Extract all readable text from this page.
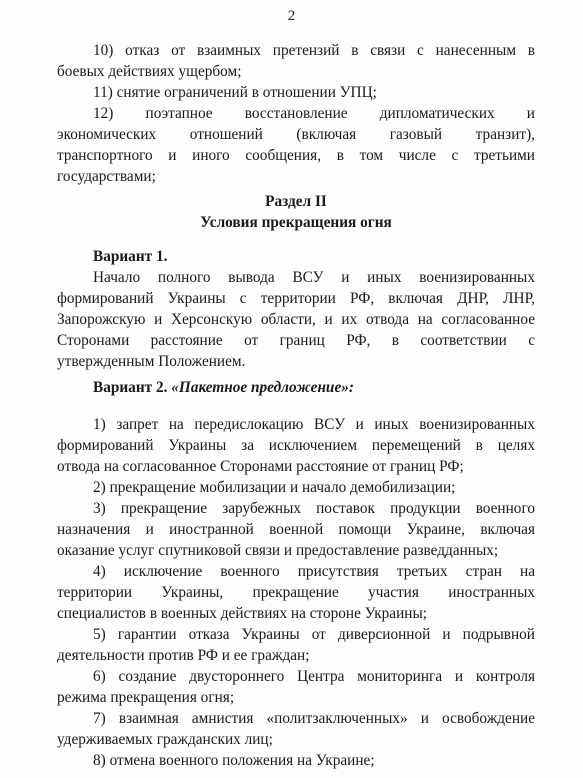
2
10) отказ от взаимных претензий в связи с нанесенным в
боевых действиях ущербом;
11) снятие ограничений в отношении УПЦ;
12) поэтапное восстановление дипломатических и
экономических отношений (включая газовый транзит),
транспортного и иного сообщения, в том числе с третьими
государствами;
Раздел II
Условия прекращения огня
Вариант 1.
Начало полного вывода ВСУ и иных военизированных
формирований Украины с территории РФ, включая ДНР, ЛНР,
Запорожскую и Херсонскую области, и их отвода на согласованное
Сторонами расстояние от границ РФ, в соответствии с
утвержденным Положением.
Вариант 2. «Пакетное предложение»:
1) запрет на передислокацию ВСУ и иных военизированных
формирований Украины за исключением перемещений в целях
отвода на согласованное Сторонами расстояние от границ РФ;
2) прекращение мобилизации и начало демобилизации;
3) прекращение зарубежных поставок продукции военного
назначения и иностранной военной помощи Украине, включая
оказание услуг спутниковой связи и предоставление разведданных;
4) исключение военного присутствия третьих стран на
территории Украины, прекращение участия иностранных
специалистов в военных действиях на стороне Украины;
5) гарантии отказа Украины от диверсионной и подрывной
деятельности против РФ и ее граждан;
6) создание двустороннего Центра мониторинга и контроля
режима прекращения огня;
7) взаимная амнистия «политзаключенных» и освобождение
удерживаемых гражданских лиц;
8) отмена военного положения на Украине;
